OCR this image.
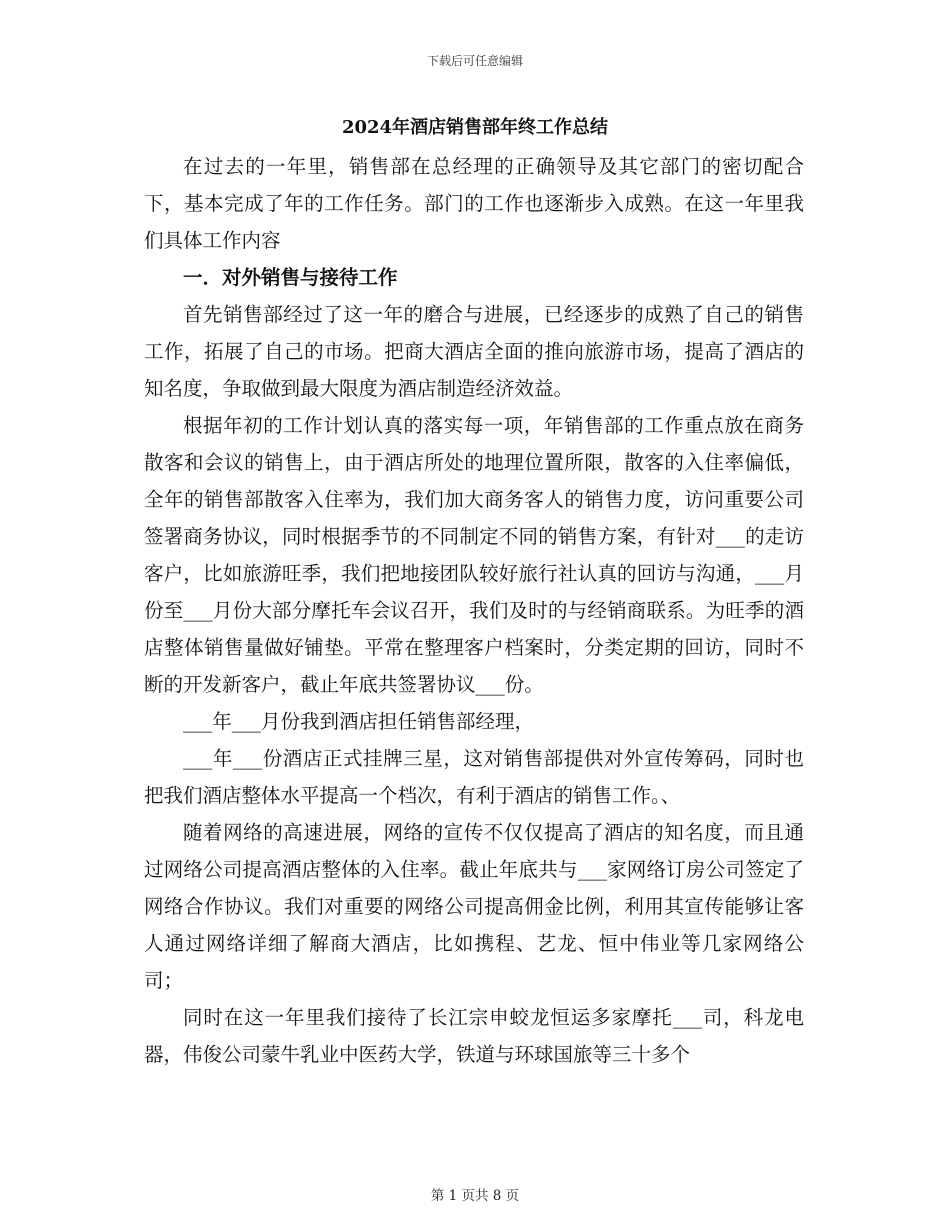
下载后可任意编辑
2024年酒店销售部年终工作总结

在过去的一年里，销售部在总经理的正确领导及其它部门的密切配合下，基本完成了年的工作任务。部门的工作也逐渐步入成熟。在这一年里我们具体工作内容

一．对外销售与接待工作

首先销售部经过了这一年的磨合与进展，已经逐步的成熟了自己的销售工作，拓展了自己的市场。把商大酒店全面的推向旅游市场，提高了酒店的知名度，争取做到最大限度为酒店制造经济效益。

根据年初的工作计划认真的落实每一项，年销售部的工作重点放在商务散客和会议的销售上，由于酒店所处的地理位置所限，散客的入住率偏低，全年的销售部散客入住率为，我们加大商务客人的销售力度，访问重要公司签署商务协议，同时根据季节的不同制定不同的销售方案，有针对___的走访客户，比如旅游旺季，我们把地接团队较好旅行社认真的回访与沟通，___月份至___月份大部分摩托车会议召开，我们及时的与经销商联系。为旺季的酒店整体销售量做好铺垫。平常在整理客户档案时，分类定期的回访，同时不断的开发新客户，截止年底共签署协议___份。

___年___月份我到酒店担任销售部经理，

___年___份酒店正式挂牌三星，这对销售部提供对外宣传筹码，同时也把我们酒店整体水平提高一个档次，有利于酒店的销售工作。、

随着网络的高速进展，网络的宣传不仅仅提高了酒店的知名度，而且通过网络公司提高酒店整体的入住率。截止年底共与___家网络订房公司签定了网络合作协议。我们对重要的网络公司提高佣金比例，利用其宣传能够让客人通过网络详细了解商大酒店，比如携程、艺龙、恒中伟业等几家网络公司；

同时在这一年里我们接待了长江宗申蛟龙恒运多家摩托___司，科龙电器，伟俊公司蒙牛乳业中医药大学，铁道与环球国旅等三十多个

第 1 页共 8 页
